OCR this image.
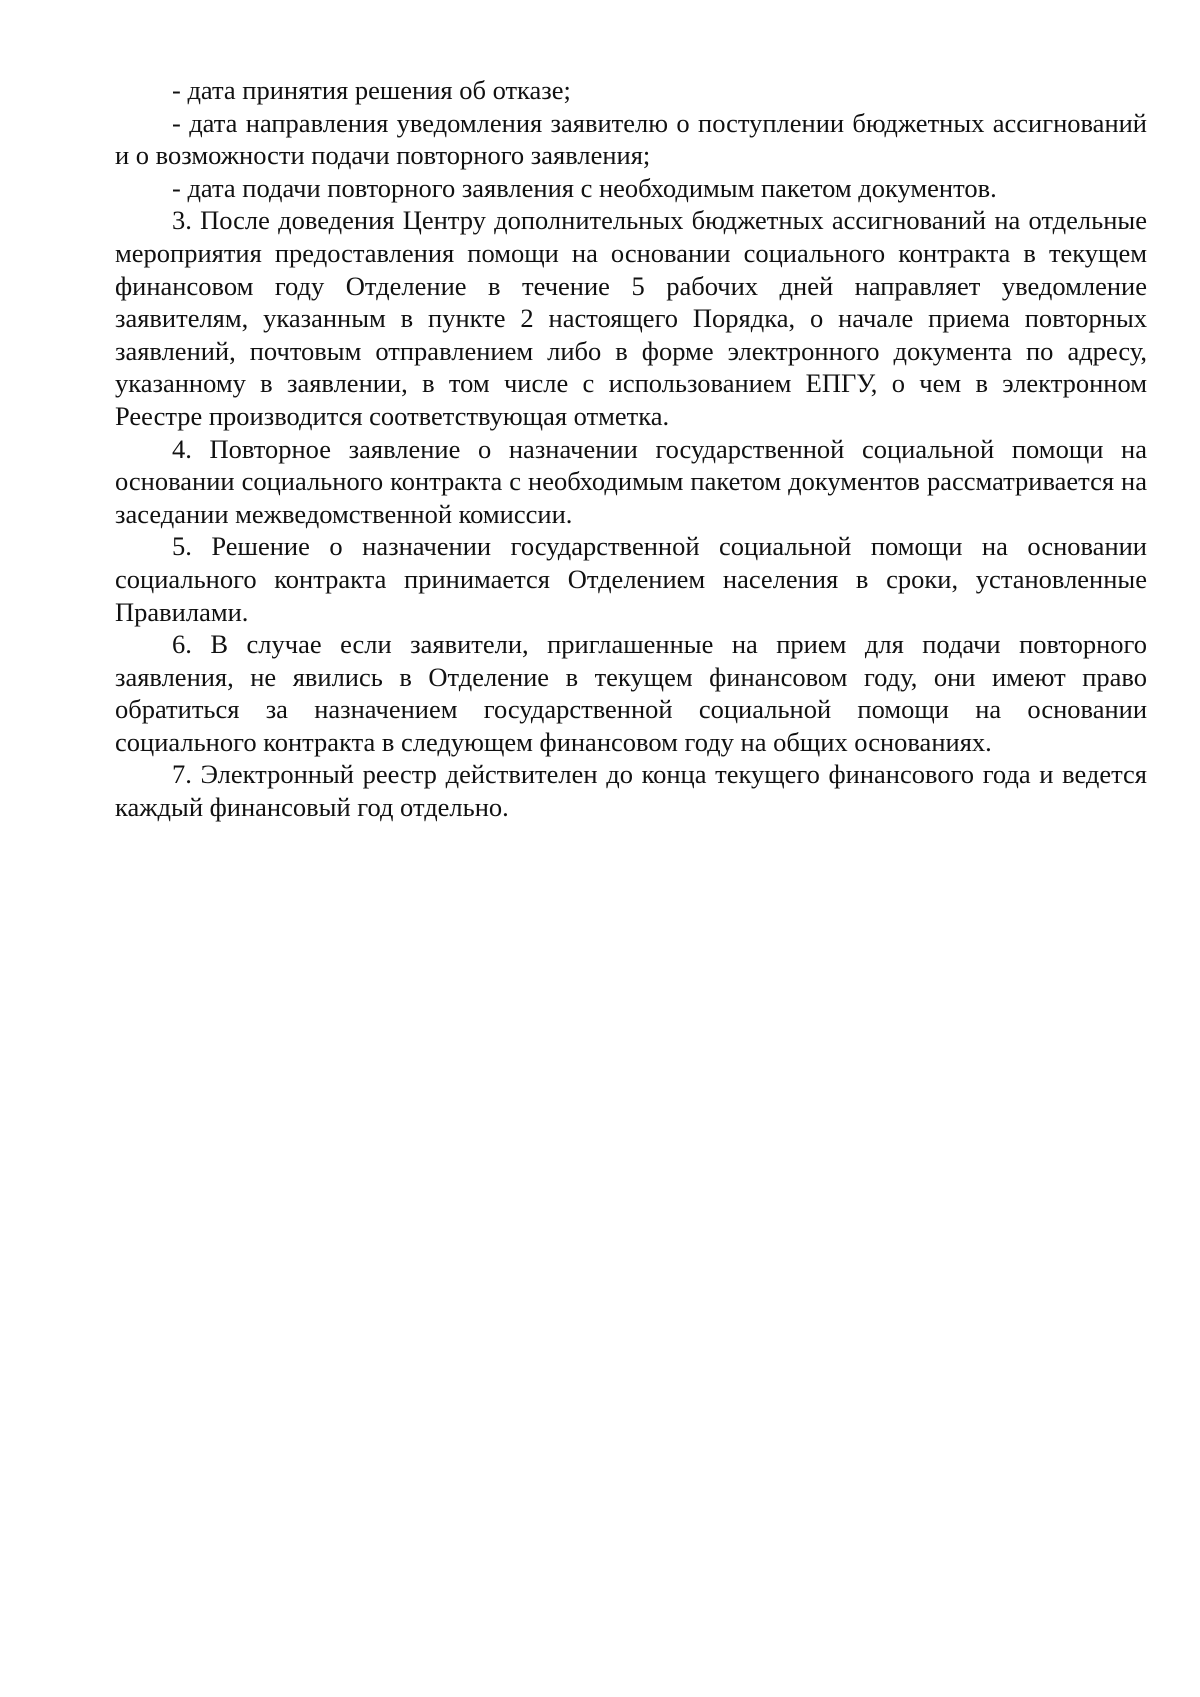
- дата принятия решения об отказе;

- дата направления уведомления заявителю о поступлении бюджетных ассигнований и о возможности подачи повторного заявления;

- дата подачи повторного заявления с необходимым пакетом документов.

3. После доведения Центру дополнительных бюджетных ассигнований на отдельные мероприятия предоставления помощи на основании социального контракта в текущем финансовом году Отделение в течение 5 рабочих дней направляет уведомление заявителям, указанным в пункте 2 настоящего Порядка, о начале приема повторных заявлений, почтовым отправлением либо в форме электронного документа по адресу, указанному в заявлении, в том числе с использованием ЕПГУ, о чем в электронном Реестре производится соответствующая отметка.

4. Повторное заявление о назначении государственной социальной помощи на основании социального контракта с необходимым пакетом документов рассматривается на заседании межведомственной комиссии.

5. Решение о назначении государственной социальной помощи на основании социального контракта принимается Отделением населения в сроки, установленные Правилами.

6. В случае если заявители, приглашенные на прием для подачи повторного заявления, не явились в Отделение в текущем финансовом году, они имеют право обратиться за назначением государственной социальной помощи на основании социального контракта в следующем финансовом году на общих основаниях.

7. Электронный реестр действителен до конца текущего финансового года и ведется каждый финансовый год отдельно.
